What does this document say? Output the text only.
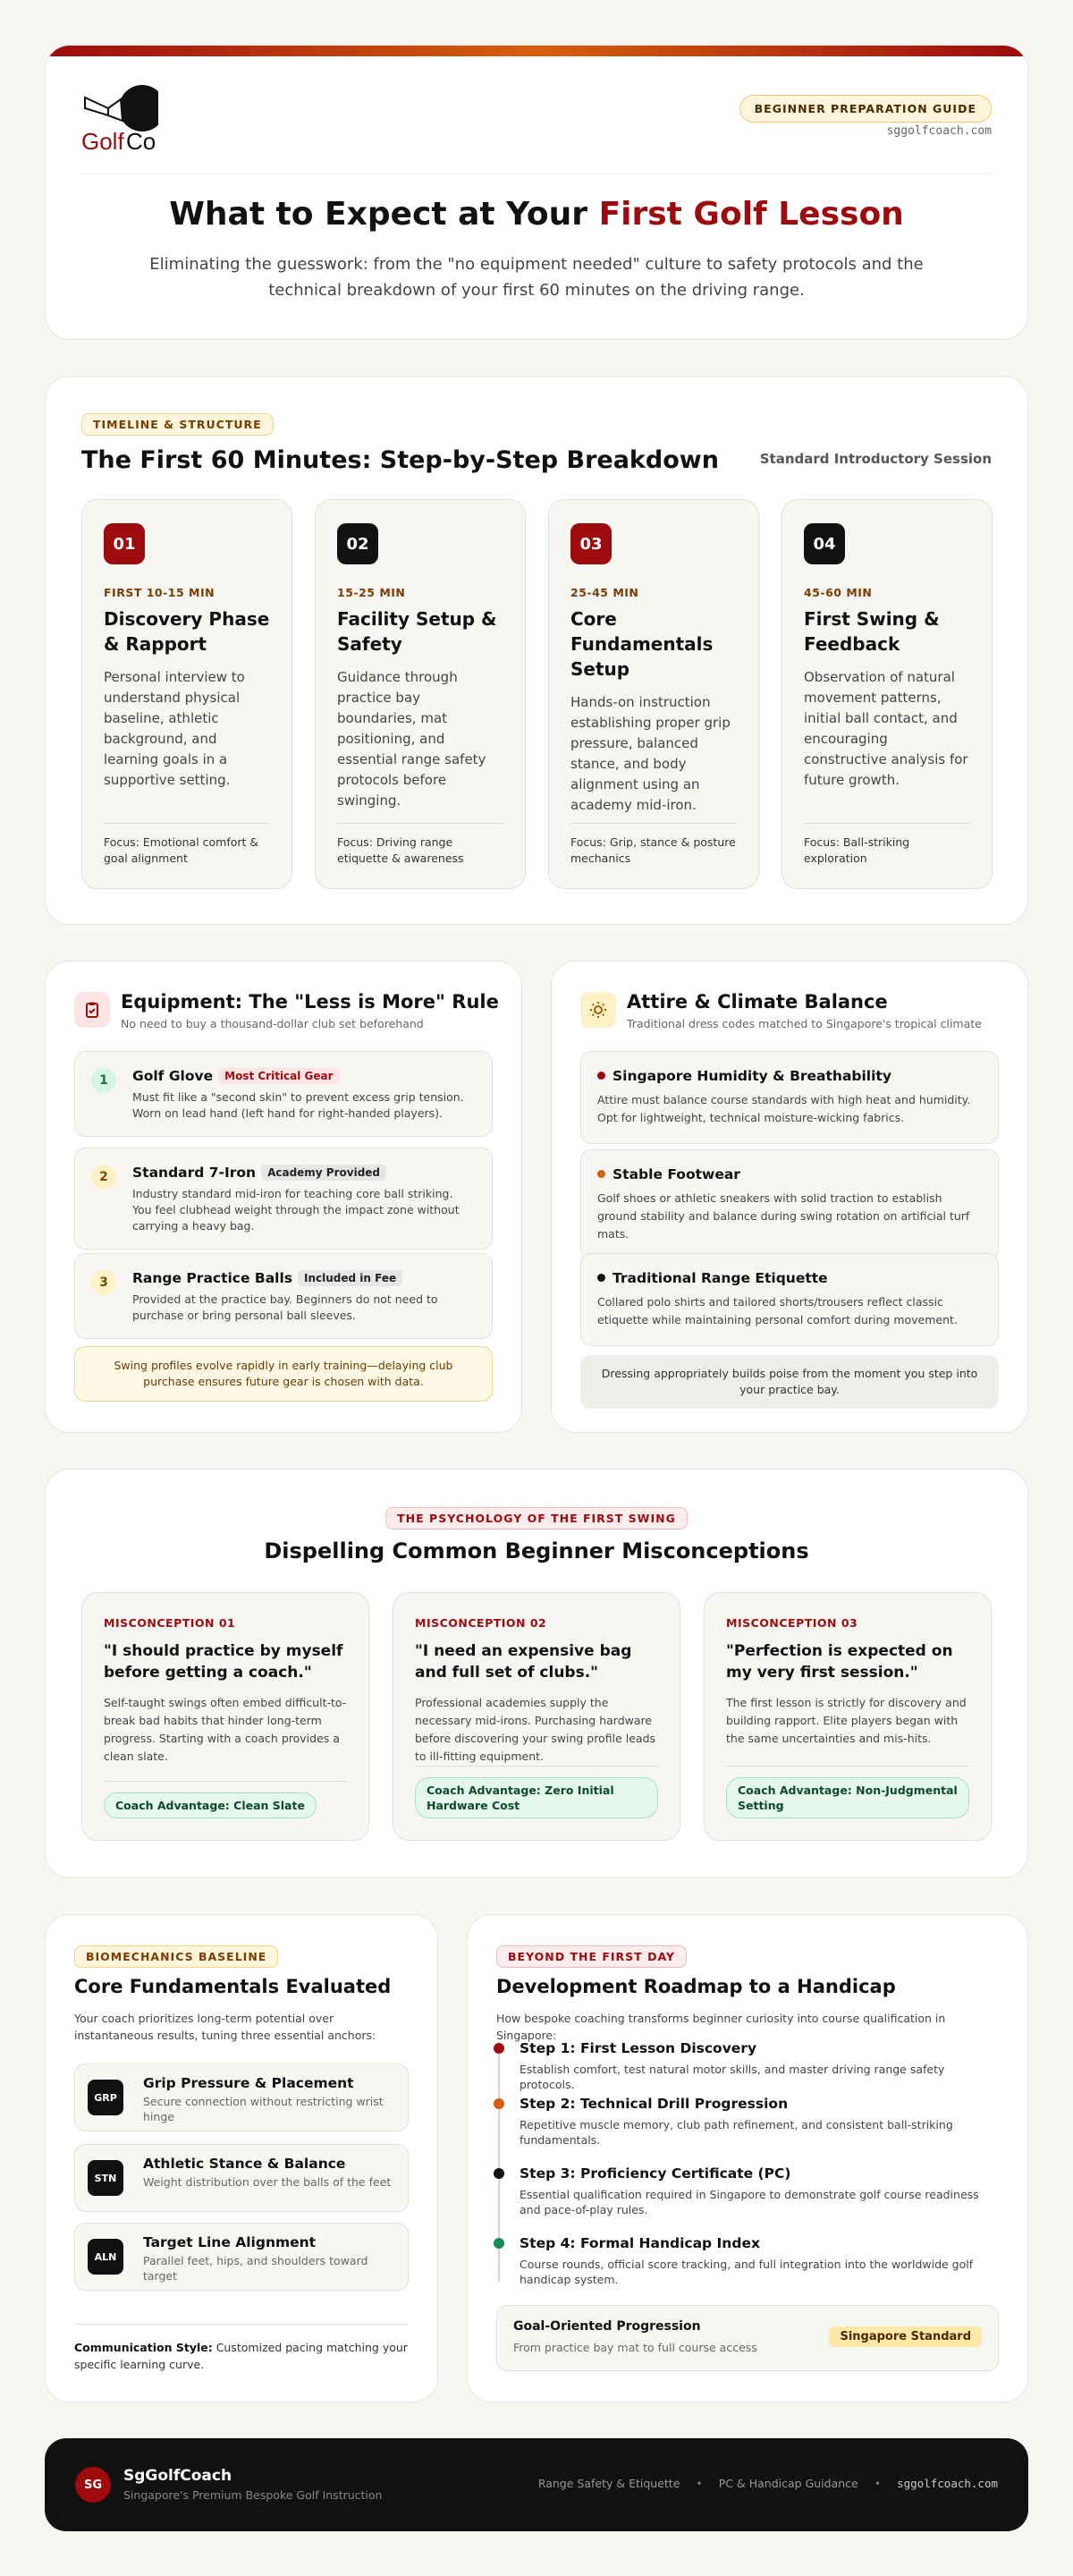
Golf Co
BEGINNER PREPARATION GUIDE
sggolfcoach.com
What to Expect at Your First Golf Lesson
Eliminating the guesswork: from the "no equipment needed" culture to safety protocols and the technical breakdown of your first 60 minutes on the driving range.
TIMELINE & STRUCTURE
The First 60 Minutes: Step-by-Step Breakdown	Standard Introductory Session
01
FIRST 10-15 MIN
Discovery Phase & Rapport

Personal interview to understand physical baseline, athletic background, and learning goals in a supportive setting.

Focus: Emotional comfort & goal alignment
02
15-25 MIN
Facility Setup & Safety

Guidance through practice bay boundaries, mat positioning, and essential range safety protocols before swinging.

Focus: Driving range etiquette & awareness
03
25-45 MIN
Core Fundamentals Setup

Hands-on instruction establishing proper grip pressure, balanced stance, and body alignment using an academy mid-iron.

Focus: Grip, stance & posture mechanics
04
45-60 MIN
First Swing & Feedback

Observation of natural movement patterns, initial ball contact, and encouraging constructive analysis for future growth.

Focus: Ball-striking exploration
Equipment: The "Less is More" Rule
No need to buy a thousand-dollar club set beforehand
1	Golf Glove Most Critical Gear
Must fit like a "second skin" to prevent excess grip tension. Worn on lead hand (left hand for right-handed players).
2	Standard 7-Iron Academy Provided
Industry standard mid-iron for teaching core ball striking. You feel clubhead weight through the impact zone without carrying a heavy bag.
3	Range Practice Balls Included in Fee
Provided at the practice bay. Beginners do not need to purchase or bring personal ball sleeves.
Swing profiles evolve rapidly in early training—delaying club purchase ensures future gear is chosen with data.
Attire & Climate Balance
Traditional dress codes matched to Singapore's tropical climate
Singapore Humidity & Breathability
Attire must balance course standards with high heat and humidity. Opt for lightweight, technical moisture-wicking fabrics.
Stable Footwear
Golf shoes or athletic sneakers with solid traction to establish ground stability and balance during swing rotation on artificial turf mats.
Traditional Range Etiquette
Collared polo shirts and tailored shorts/trousers reflect classic etiquette while maintaining personal comfort during movement.
Dressing appropriately builds poise from the moment you step into your practice bay.
THE PSYCHOLOGY OF THE FIRST SWING
Dispelling Common Beginner Misconceptions
MISCONCEPTION 01
"I should practice by myself before getting a coach."

Self-taught swings often embed difficult-to-break bad habits that hinder long-term progress. Starting with a coach provides a clean slate.

Coach Advantage: Clean Slate
MISCONCEPTION 02
"I need an expensive bag and full set of clubs."

Professional academies supply the necessary mid-irons. Purchasing hardware before discovering your swing profile leads to ill-fitting equipment.

Coach Advantage: Zero Initial Hardware Cost
MISCONCEPTION 03
"Perfection is expected on my very first session."

The first lesson is strictly for discovery and building rapport. Elite players began with the same uncertainties and mis-hits.

Coach Advantage: Non-Judgmental Setting
BIOMECHANICS BASELINE
Core Fundamentals Evaluated
Your coach prioritizes long-term potential over instantaneous results, tuning three essential anchors:
GRP
Grip Pressure & Placement
Secure connection without restricting wrist hinge
STN
Athletic Stance & Balance
Weight distribution over the balls of the feet
ALN
Target Line Alignment
Parallel feet, hips, and shoulders toward target
Communication Style: Customized pacing matching your specific learning curve.
BEYOND THE FIRST DAY
Development Roadmap to a Handicap
How bespoke coaching transforms beginner curiosity into course qualification in Singapore:
Step 1: First Lesson Discovery
Establish comfort, test natural motor skills, and master driving range safety protocols.
Step 2: Technical Drill Progression
Repetitive muscle memory, club path refinement, and consistent ball-striking fundamentals.
Step 3: Proficiency Certificate (PC)
Essential qualification required in Singapore to demonstrate golf course readiness and pace-of-play rules.
Step 4: Formal Handicap Index
Course rounds, official score tracking, and full integration into the worldwide golf handicap system.
Goal-Oriented Progression
From practice bay mat to full course access
Singapore Standard
SG	SgGolfCoach
Singapore's Premium Bespoke Golf Instruction
Range Safety & Etiquette • PC & Handicap Guidance • sggolfcoach.com
